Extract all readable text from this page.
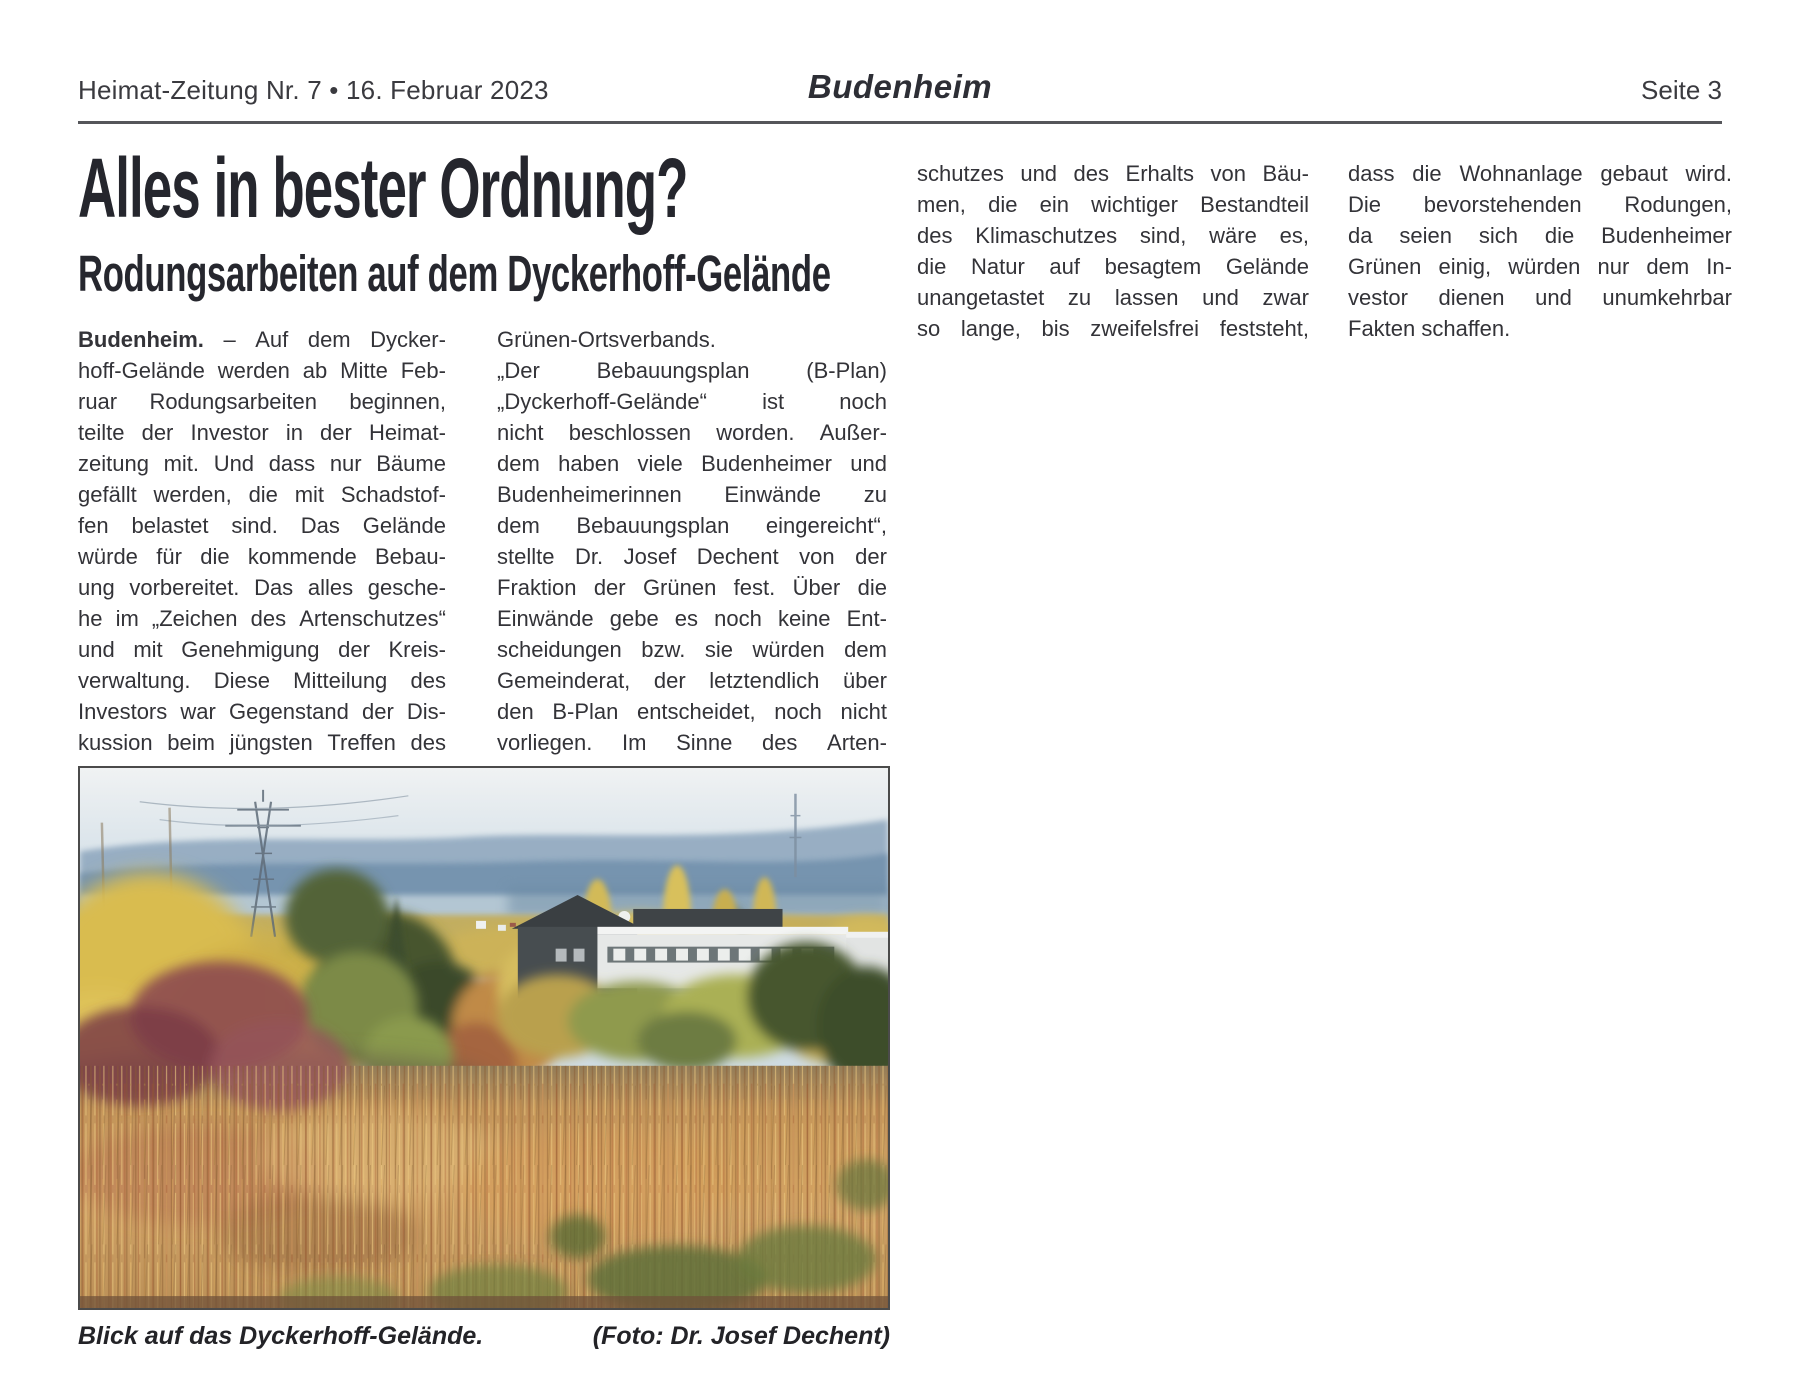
Heimat-Zeitung Nr. 7 • 16. Februar 2023	Budenheim	Seite 3
Alles in bester Ordnung?
Rodungsarbeiten auf dem Dyckerhoff-Gelände
Budenheim. – Auf dem Dycker-
hoff-Gelände werden ab Mitte Feb-
ruar Rodungsarbeiten beginnen,
teilte der Investor in der Heimat-
zeitung mit. Und dass nur Bäume
gefällt werden, die mit Schadstof-
fen belastet sind. Das Gelände
würde für die kommende Bebau-
ung vorbereitet. Das alles gesche-
he im „Zeichen des Artenschutzes“
und mit Genehmigung der Kreis-
verwaltung. Diese Mitteilung des
Investors war Gegenstand der Dis-
kussion beim jüngsten Treffen des
Grünen-Ortsverbands.
„Der	Bebauungsplan	(B-Plan)
„Dyckerhoff-Gelände“	ist	noch
nicht beschlossen worden. Außer-
dem haben viele Budenheimer und
Budenheimerinnen Einwände zu
dem Bebauungsplan eingereicht“,
stellte Dr. Josef Dechent von der
Fraktion der Grünen fest. Über die
Einwände gebe es noch keine Ent-
scheidungen bzw. sie würden dem
Gemeinderat, der letztendlich über
den B-Plan entscheidet, noch nicht
vorliegen. Im Sinne des Arten-
schutzes und des Erhalts von Bäu-
men, die ein wichtiger Bestandteil
des Klimaschutzes sind, wäre es,
die Natur auf besagtem Gelände
unangetastet zu lassen und zwar
so lange, bis zweifelsfrei feststeht,
dass die Wohnanlage gebaut wird.
Die bevorstehenden Rodungen,
da seien sich die Budenheimer
Grünen einig, würden nur dem In-
vestor dienen und unumkehrbar
Fakten schaffen.
Blick auf das Dyckerhoff-Gelände.	(Foto: Dr. Josef Dechent)
